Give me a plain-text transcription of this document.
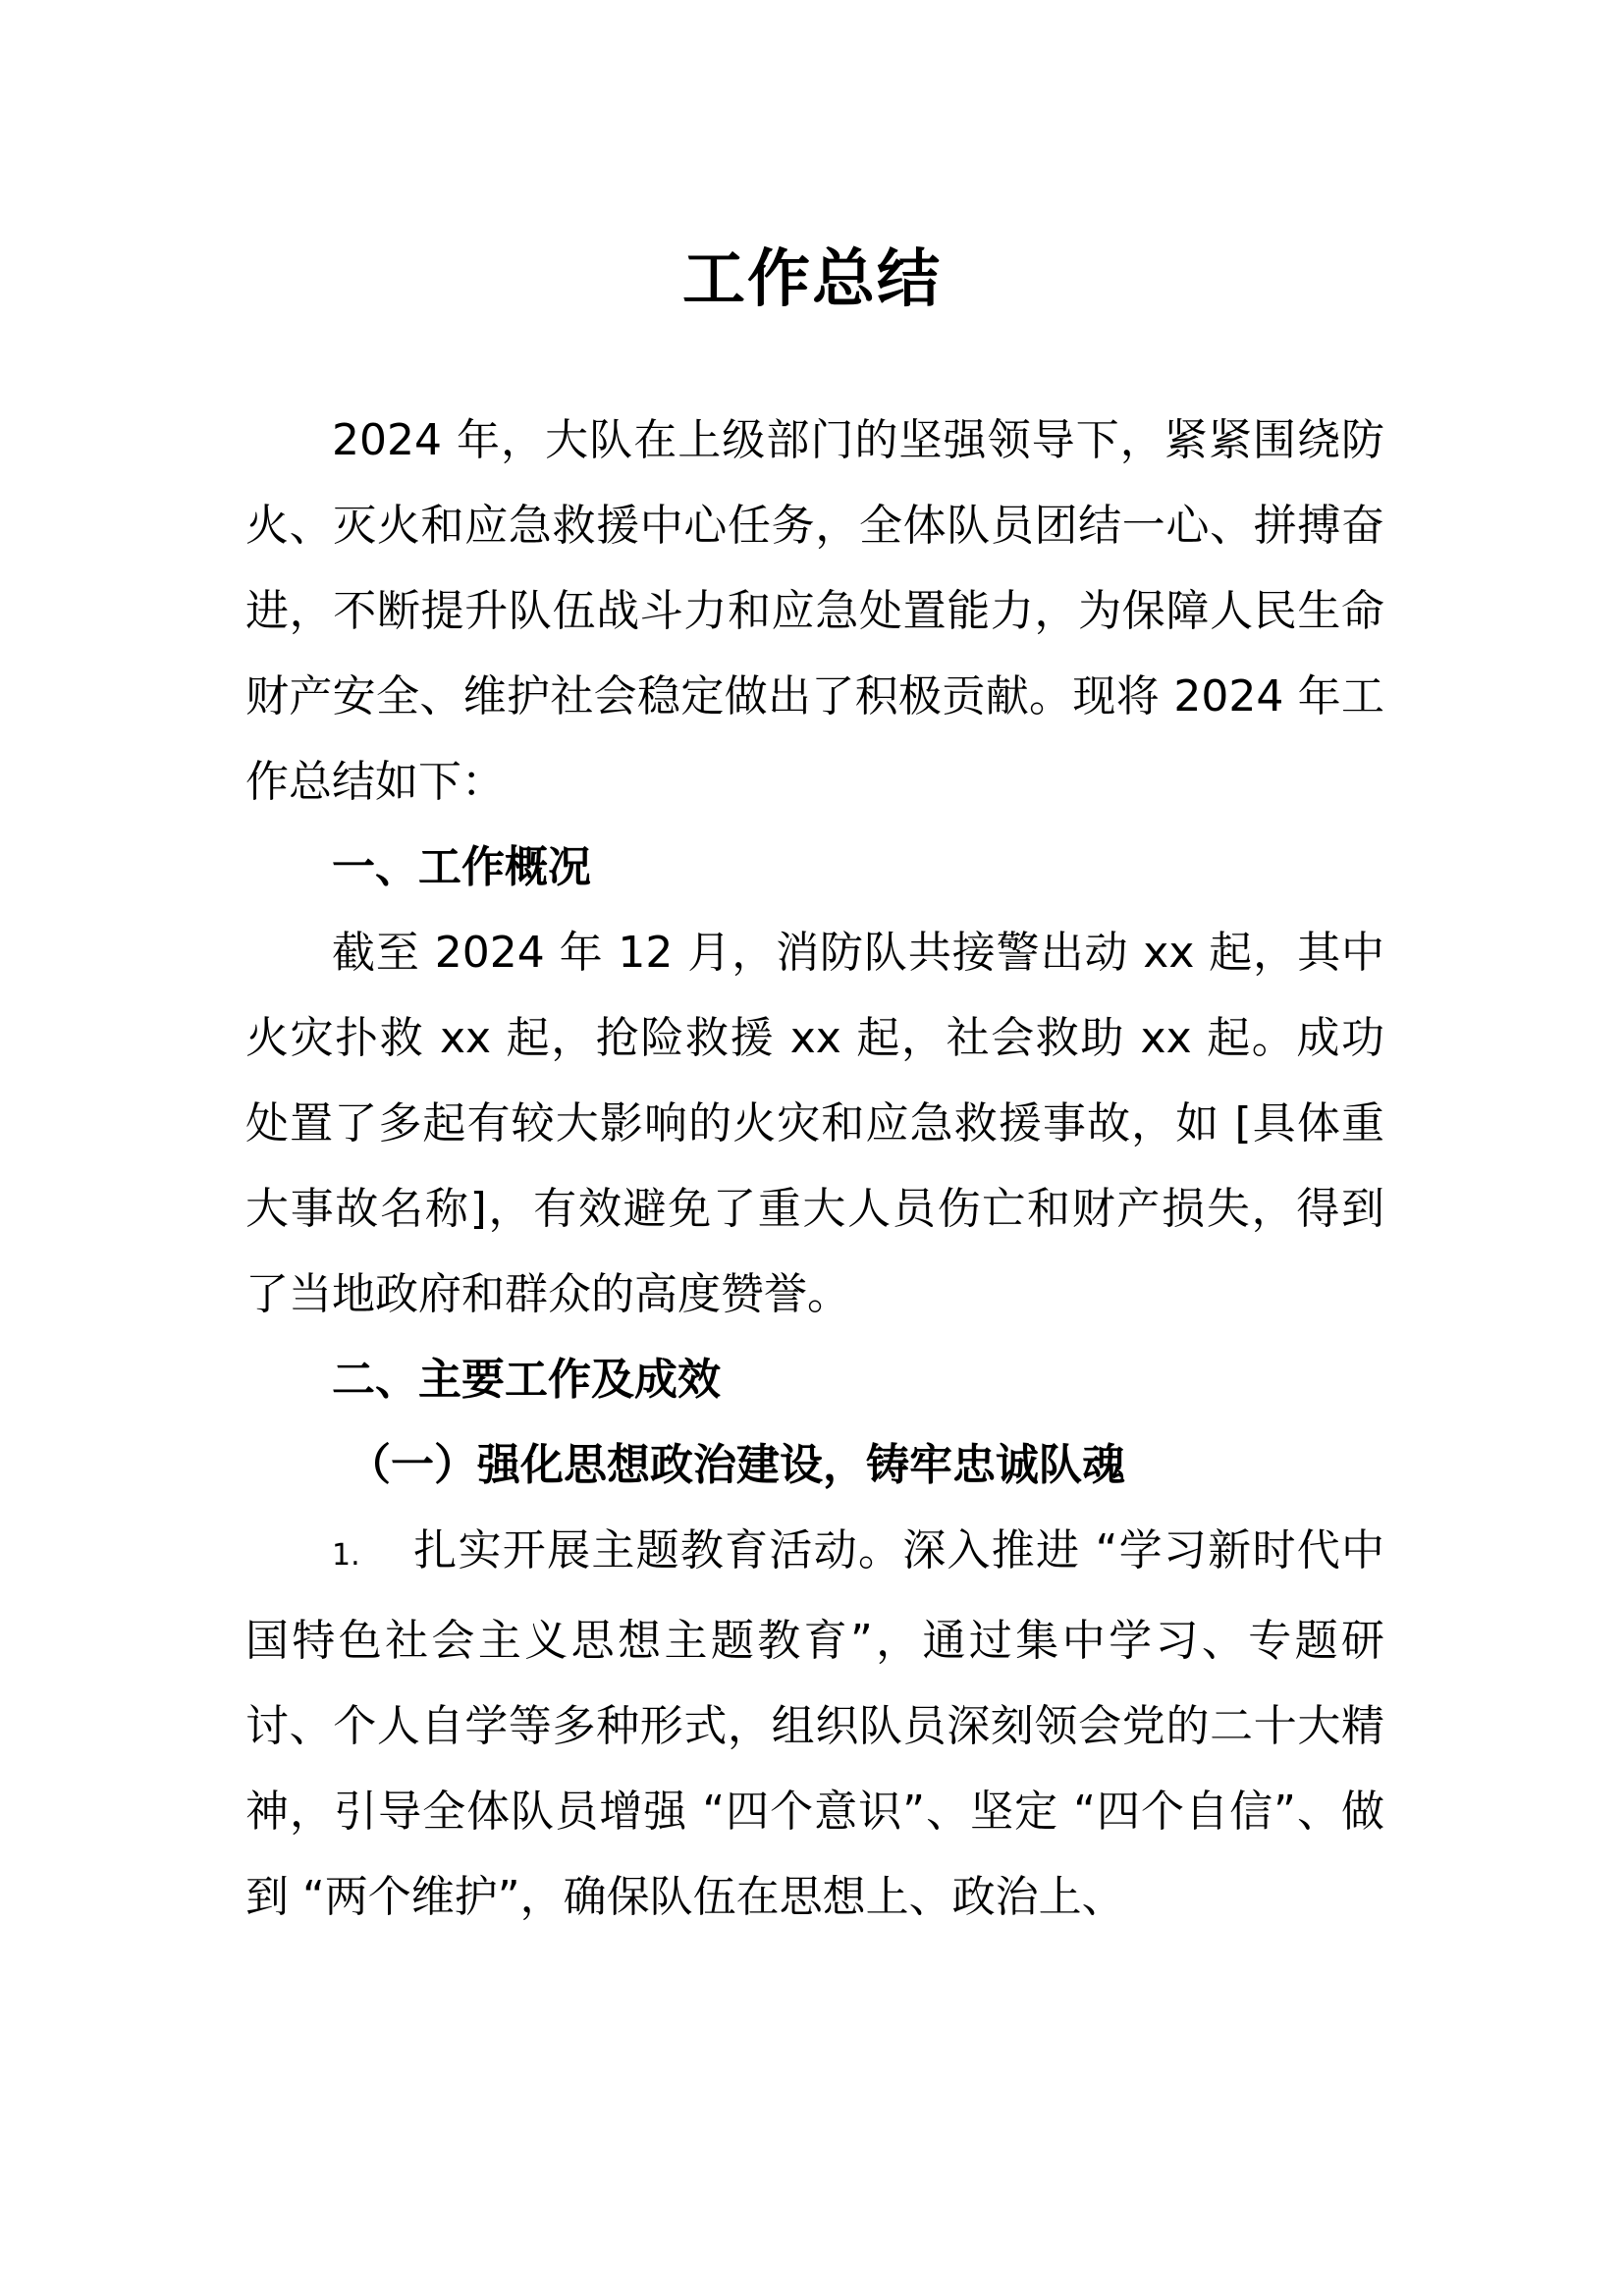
工作总结

2024 年，大队在上级部门的坚强领导下，紧紧围绕防火、灭火和应急救援中心任务，全体队员团结一心、拼搏奋进，不断提升队伍战斗力和应急处置能力，为保障人民生命财产安全、维护社会稳定做出了积极贡献。现将 2024 年工作总结如下：

一、工作概况

截至 2024 年 12 月，消防队共接警出动 xx 起，其中火灾扑救 xx 起，抢险救援 xx 起，社会救助 xx 起。成功处置了多起有较大影响的火灾和应急救援事故，如 [具体重大事故名称]，有效避免了重大人员伤亡和财产损失，得到了当地政府和群众的高度赞誉。

二、主要工作及成效

（一）强化思想政治建设，铸牢忠诚队魂

1. 扎实开展主题教育活动。深入推进 “学习新时代中国特色社会主义思想主题教育”，通过集中学习、专题研讨、个人自学等多种形式，组织队员深刻领会党的二十大精神，引导全体队员增强 “四个意识”、坚定 “四个自信”、做到 “两个维护”，确保队伍在思想上、政治上、
